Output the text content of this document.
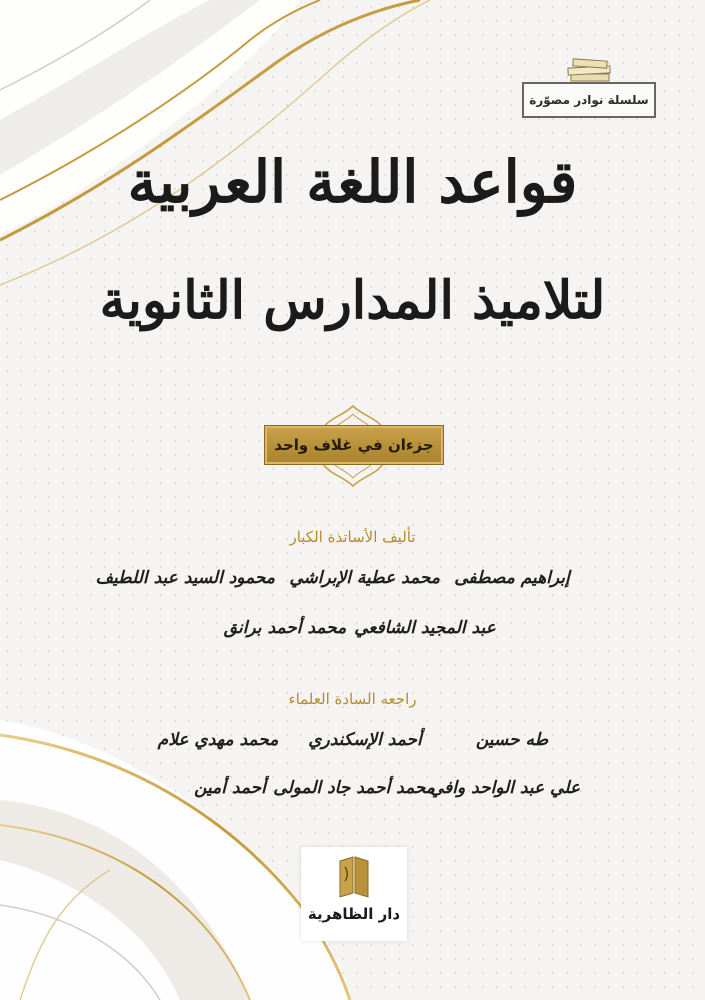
سلسلة نوادر مصوّرة
قواعد اللغة العربية
لتلاميذ المدارس الثانوية
جزءان في غلاف واحد
تأليف الأساتذة الكبار
إبراهيم مصطفى
محمد عطية الإبراشي
محمود السيد عبد اللطيف
عبد المجيد الشافعي
محمد أحمد برانق
راجعه السادة العلماء
طه حسين
أحمد الإسكندري
محمد مهدي علام
علي عبد الواحد وافي
محمد أحمد جاد المولى
أحمد أمين
دار الظاهرية
